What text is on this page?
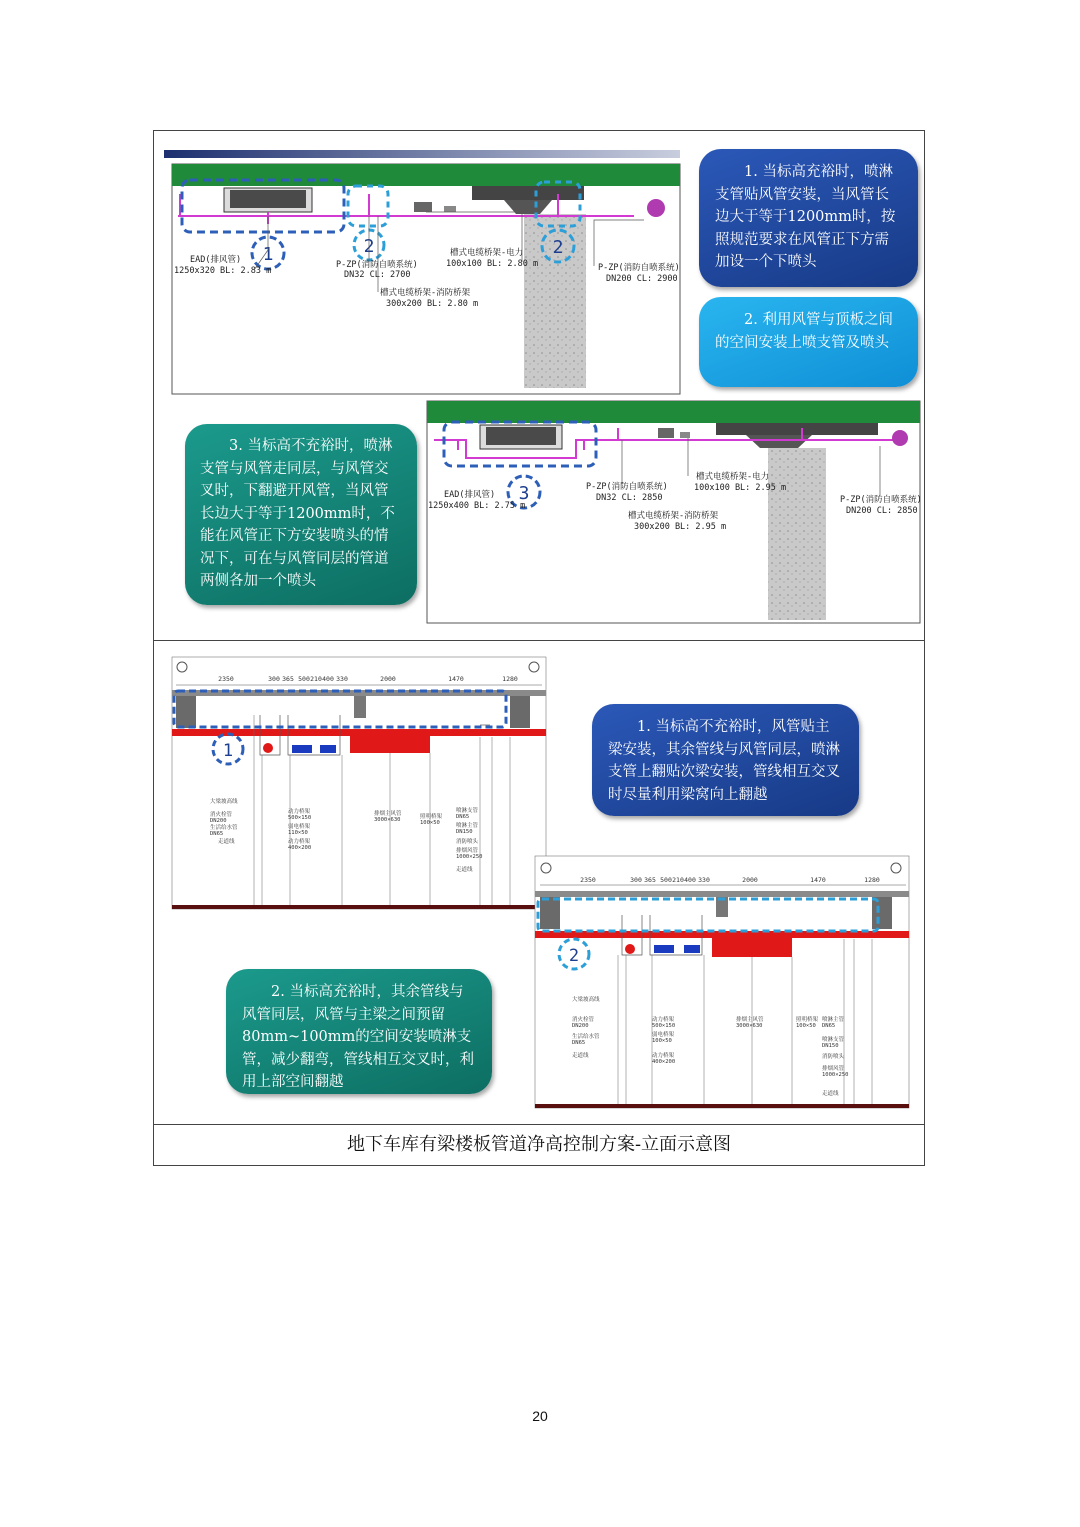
1	2	2
EAD(排风管)
1250x320 BL: 2.83 m
P-ZP(消防自喷系统)
DN32 CL: 2700
槽式电缆桥架-电力
100x100 BL: 2.80 m
槽式电缆桥架-消防桥架
300x200 BL: 2.80 m
P-ZP(消防自喷系统)
DN200 CL: 2900
1. 当标高充裕时，喷淋支管贴风管安装，当风管长边大于等于1200mm时，按照规范要求在风管正下方需加设一个下喷头
2. 利用风管与顶板之间的空间安装上喷支管及喷头
3. 当标高不充裕时，喷淋支管与风管走同层，与风管交叉时，下翻避开风管，当风管长边大于等于1200mm时，不能在风管正下方安装喷头的情况下，可在与风管同层的管道两侧各加一个喷头
3
EAD(排风管)
1250x400 BL: 2.75 m
P-ZP(消防自喷系统)
DN32 CL: 2850
槽式电缆桥架-电力
100x100 BL: 2.95 m
槽式电缆桥架-消防桥架
300x200 BL: 2.95 m
P-ZP(消防自喷系统)
DN200 CL: 2850
2350	300 365 500 210 400 330	2000	1470	1280
1
大梁坡高线
消火栓管
DN200
生活给水管
DN65
走道线
动力桥架
500×150
弱电桥架
110×50
动力桥架
400×200
排烟主风管
3000×630	照明桥架
100×50
喷淋支管
DN65
喷淋主管
DN150
消防喷头
排烟风管
1000×250
走道线
1. 当标高不充裕时，风管贴主梁安装，其余管线与风管同层，喷淋支管上翻贴次梁安装，管线相互交叉时尽量利用梁窝向上翻越
2. 当标高充裕时，其余管线与风管同层，风管与主梁之间预留80mm~100mm的空间安装喷淋支管，减少翻弯，管线相互交叉时，利用上部空间翻越
2350	300 365 500 210 400 330	2000	1470	1280
2
大梁坡高线
消火栓管
DN200
生活给水管
DN65
走道线
动力桥架
500×150
弱电桥架
100×50
动力桥架
400×200
排烟主风管
3000×630
照明桥架
100×50
喷淋主管
DN65
喷淋支管
DN150
消防喷头
排烟风管
1000×250
走道线
地下车库有梁楼板管道净高控制方案-立面示意图
20
